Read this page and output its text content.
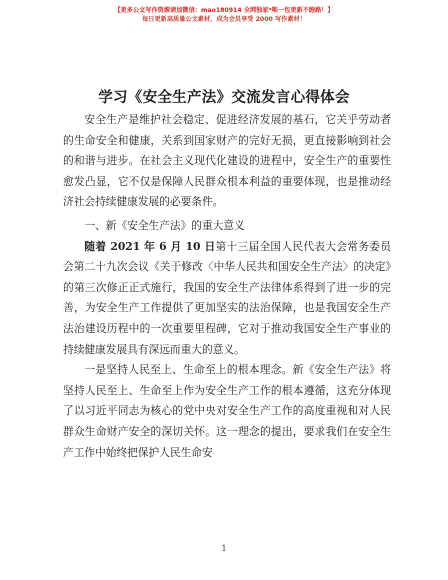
【更多公文写作资源请加微信：mao180914 全网独家*唯一包更新不跑路！】
每日更新高质量公文素材，成为会员享受 2000 写作素材！
学习《安全生产法》交流发言心得体会

安全生产是维护社会稳定、促进经济发展的基石，它关乎劳动者的生命安全和健康，关系到国家财产的完好无损，更直接影响到社会的和谐与进步。在社会主义现代化建设的进程中，安全生产的重要性愈发凸显，它不仅是保障人民群众根本利益的重要体现，也是推动经济社会持续健康发展的必要条件。

一、新《安全生产法》的重大意义

随着 2021 年 6 月 10 日第十三届全国人民代表大会常务委员会第二十九次会议《关于修改〈中华人民共和国安全生产法〉的决定》的第三次修正正式施行，我国的安全生产法律体系得到了进一步的完善，为安全生产工作提供了更加坚实的法治保障，也是我国安全生产法治建设历程中的一次重要里程碑，它对于推动我国安全生产事业的持续健康发展具有深远而重大的意义。

一是坚持人民至上、生命至上的根本理念。新《安全生产法》将坚持人民至上、生命至上作为安全生产工作的根本遵循，这充分体现了以习近平同志为核心的党中央对安全生产工作的高度重视和对人民群众生命财产安全的深切关怀。这一理念的提出，要求我们在安全生产工作中始终把保护人民生命安

1
